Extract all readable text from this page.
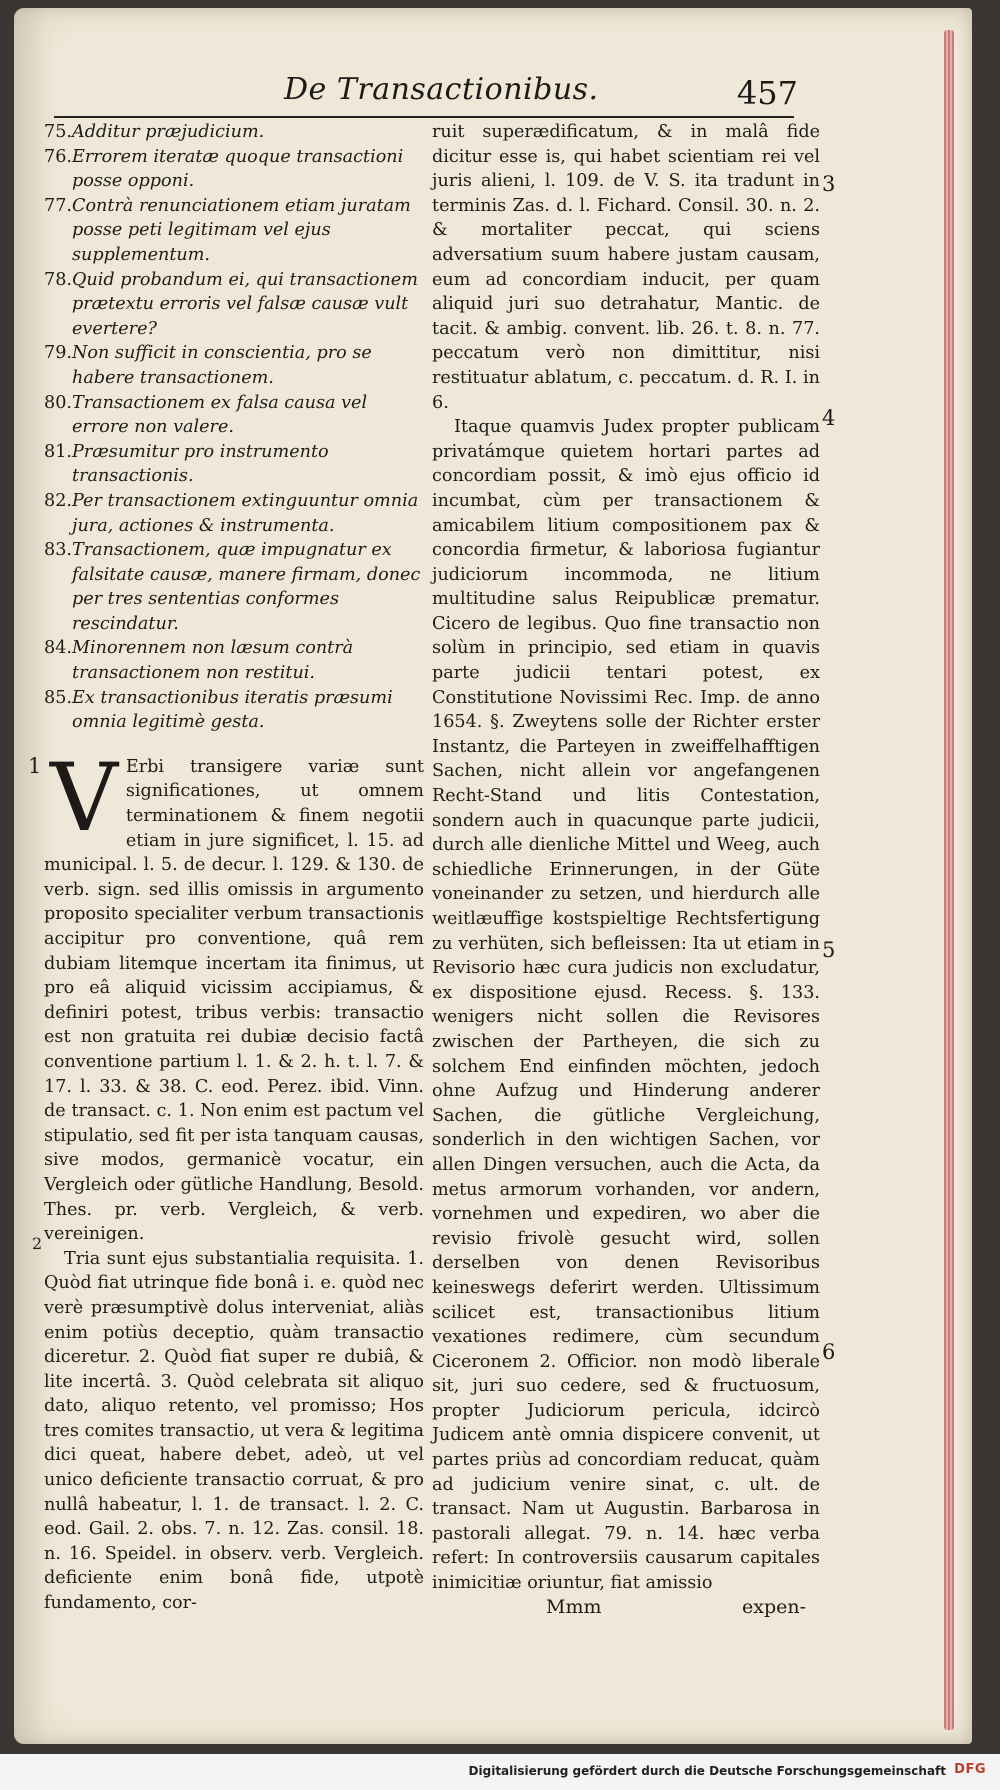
De Transactionibus.	457
75. Additur præjudicium.
76. Errorem iteratæ quoque transactioni posse opponi.
77. Contrà renunciationem etiam juratam posse peti legitimam vel ejus supplementum.
78. Quid probandum ei, qui transactionem prætextu erroris vel falsæ causæ vult evertere?
79. Non sufficit in conscientia, pro se habere transactionem.
80. Transactionem ex falsa causa vel errore non valere.
81. Præsumitur pro instrumento transactionis.
82. Per transactionem extinguuntur omnia jura, actiones & instrumenta.
83. Transactionem, quæ impugnatur ex falsitate causæ, manere firmam, donec per tres sententias conformes rescindatur.
84. Minorennem non læsum contrà transactionem non restitui.
85. Ex transactionibus iteratis præsumi omnia legitimè gesta.
V Erbi transigere variæ sunt significationes, ut omnem terminationem & finem negotii etiam in jure significet, l. 15. ad municipal. l. 5. de decur. l. 129. & 130. de verb. sign. sed illis omissis in argumento proposito specialiter verbum transactionis accipitur pro conventione, quâ rem dubiam litemque incertam ita finimus, ut pro eâ aliquid vicissim accipiamus, & definiri potest, tribus verbis: transactio est non gratuita rei dubiæ decisio factâ conventione partium l. 1. & 2. h. t. l. 7. & 17. l. 33. & 38. C. eod. Perez. ibid. Vinn. de transact. c. 1. Non enim est pactum vel stipulatio, sed fit per ista tanquam causas, sive modos, germanicè vocatur, ein Vergleich oder gütliche Handlung, Besold. Thes. pr. verb. Vergleich, & verb. vereinigen.

Tria sunt ejus substantialia requisita. 1. Quòd fiat utrinque fide bonâ i. e. quòd nec verè præsumptivè dolus interveniat, aliàs enim potiùs deceptio, quàm transactio diceretur. 2. Quòd fiat super re dubiâ, & lite incertâ. 3. Quòd celebrata sit aliquo dato, aliquo retento, vel promisso; Hos tres comites transactio, ut vera & legitima dici queat, habere debet, adeò, ut vel unico deficiente transactio corruat, & pro nullâ habeatur, l. 1. de transact. l. 2. C. eod. Gail. 2. obs. 7. n. 12. Zas. consil. 18. n. 16. Speidel. in observ. verb. Vergleich. deficiente enim bonâ fide, utpotè fundamento, cor-

1
2

ruit superædificatum, & in malâ fide dicitur esse is, qui habet scientiam rei vel juris alieni, l. 109. de V. S. ita tradunt in terminis Zas. d. l. Fichard. Consil. 30. n. 2. & mortaliter peccat, qui sciens adversatium suum habere justam causam, eum ad concordiam inducit, per quam aliquid juri suo detrahatur, Mantic. de tacit. & ambig. convent. lib. 26. t. 8. n. 77. peccatum verò non dimittitur, nisi restituatur ablatum, c. peccatum. d. R. I. in 6.

Itaque quamvis Judex propter publicam privatámque quietem hortari partes ad concordiam possit, & imò ejus officio id incumbat, cùm per transactionem & amicabilem litium compositionem pax & concordia firmetur, & laboriosa fugiantur judiciorum incommoda, ne litium multitudine salus Reipublicæ prematur. Cicero de legibus. Quo fine transactio non solùm in principio, sed etiam in quavis parte judicii tentari potest, ex Constitutione Novissimi Rec. Imp. de anno 1654. §. Zweytens solle der Richter erster Instantz, die Parteyen in zweiffelhafftigen Sachen, nicht allein vor angefangenen Recht-Stand und litis Contestation, sondern auch in quacunque parte judicii, durch alle dienliche Mittel und Weeg, auch schiedliche Erinnerungen, in der Güte voneinander zu setzen, und hierdurch alle weitlæuffige kostspieltige Rechtsfertigung zu verhüten, sich befleissen: Ita ut etiam in Revisorio hæc cura judicis non excludatur, ex dispositione ejusd. Recess. §. 133. wenigers nicht sollen die Revisores zwischen der Partheyen, die sich zu solchem End einfinden möchten, jedoch ohne Aufzug und Hinderung anderer Sachen, die gütliche Vergleichung, sonderlich in den wichtigen Sachen, vor allen Dingen versuchen, auch die Acta, da metus armorum vorhanden, vor andern, vornehmen und expediren, wo aber die revisio frivolè gesucht wird, sollen derselben von denen Revisoribus keineswegs deferirt werden. Ultissimum scilicet est, transactionibus litium vexationes redimere, cùm secundum Ciceronem 2. Officior. non modò liberale sit, juri suo cedere, sed & fructuosum, propter Judiciorum pericula, idcircò Judicem antè omnia dispicere convenit, ut partes priùs ad concordiam reducat, quàm ad judicium venire sinat, c. ult. de transact. Nam ut Augustin. Barbarosa in pastorali allegat. 79. n. 14. hæc verba refert: In controversiis causarum capitales inimicitiæ oriuntur, fiat amissio

3
4
5
6
Mmm	expen-
Digitalisierung gefördert durch die Deutsche Forschungsgemeinschaft DFG
